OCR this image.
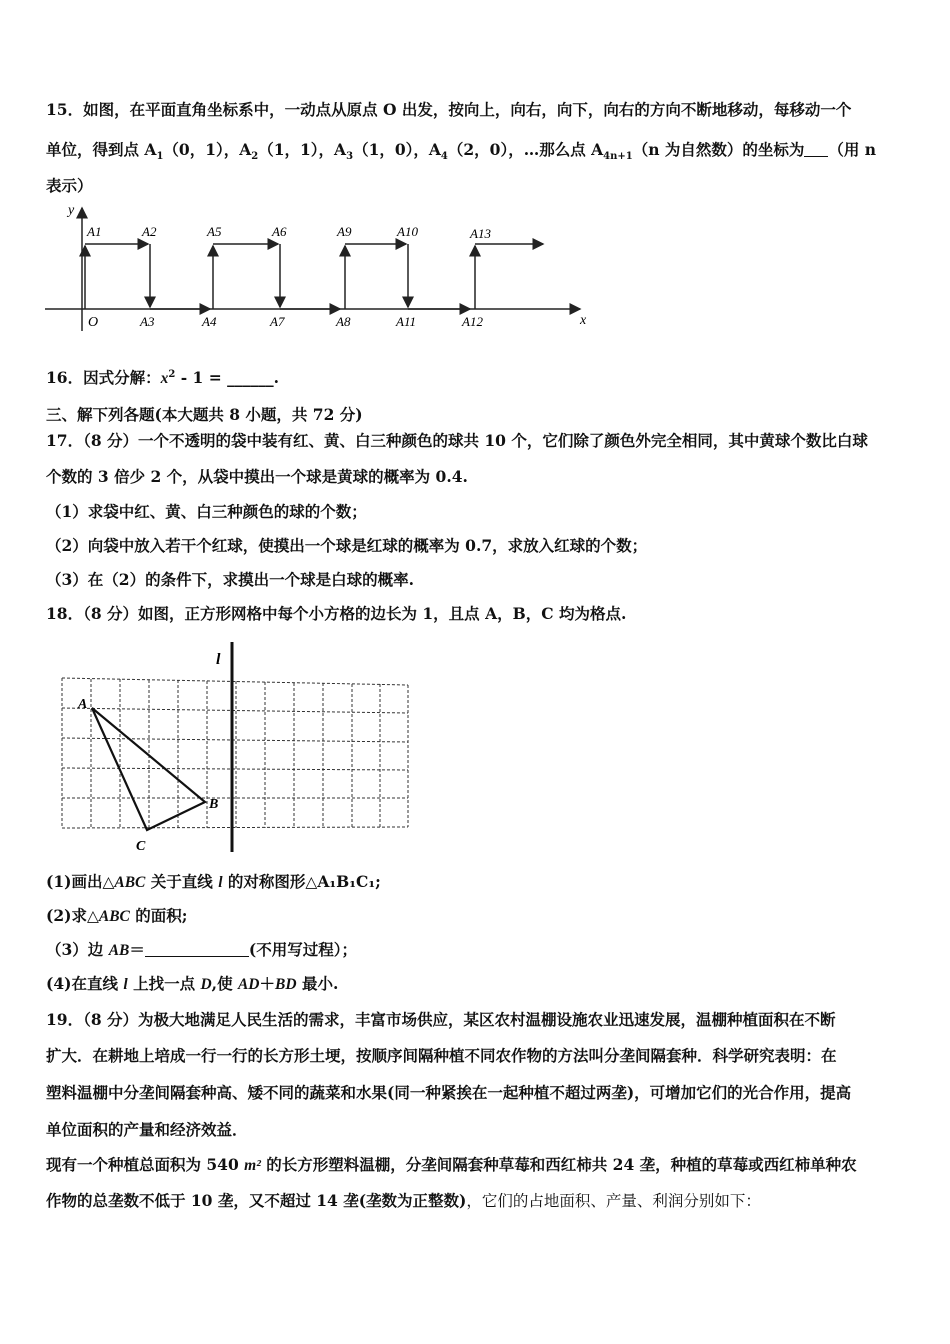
15．如图，在平面直角坐标系中，一动点从原点 O 出发，按向上，向右，向下，向右的方向不断地移动，每移动一个
单位，得到点 $A_1(0$，1），$A_2(1$，1），$A_3(1$，0），$A_4(2$，0），…那么点 $A_{4n+1}(n$ 为自然数）的坐标为 （用 n
表示）
x
y
O
A1	A2	A5	A6	A9	A10	A13
A3	A4	A7	A8	A11	A12
16．因式分解：$x^2 - 1$ = ______.
三、解下列各题(本大题共 8 小题，共 72 分)
17．（8 分）一个不透明的袋中装有红、黄、白三种颜色的球共 10 个，它们除了颜色外完全相同，其中黄球个数比白球
个数的 3 倍少 2 个，从袋中摸出一个球是黄球的概率为 0.4.
（1）求袋中红、黄、白三种颜色的球的个数；
（2）向袋中放入若干个红球，使摸出一个球是红球的概率为 0.7，求放入红球的个数；
（3）在（2）的条件下，求摸出一个球是白球的概率.
18．（8 分）如图，正方形网格中每个小方格的边长为 1，且点 A，B，C 均为格点.
l
A
B
C
(1)画出△ABC 关于直线 l 的对称图形△A₁B₁C₁;
(2)求△ABC 的面积;
（3）边 AB＝	(不用写过程）；
(4)在直线 l 上找一点 D,使 AD＋BD 最小.
19．（8 分）为极大地满足人民生活的需求，丰富市场供应，某区农村温棚设施农业迅速发展，温棚种植面积在不断
扩大．在耕地上培成一行一行的长方形土埂，按顺序间隔种植不同农作物的方法叫分垄间隔套种．科学研究表明：在
塑料温棚中分垄间隔套种高、矮不同的蔬菜和水果(同一种紧挨在一起种植不超过两垄)，可增加它们的光合作用，提高
单位面积的产量和经济效益．
现有一个种植总面积为 540 m² 的长方形塑料温棚，分垄间隔套种草莓和西红柿共 24 垄，种植的草莓或西红柿单种农
作物的总垄数不低于 10 垄，又不超过 14 垄(垄数为正整数)，它们的占地面积、产量、利润分别如下：
